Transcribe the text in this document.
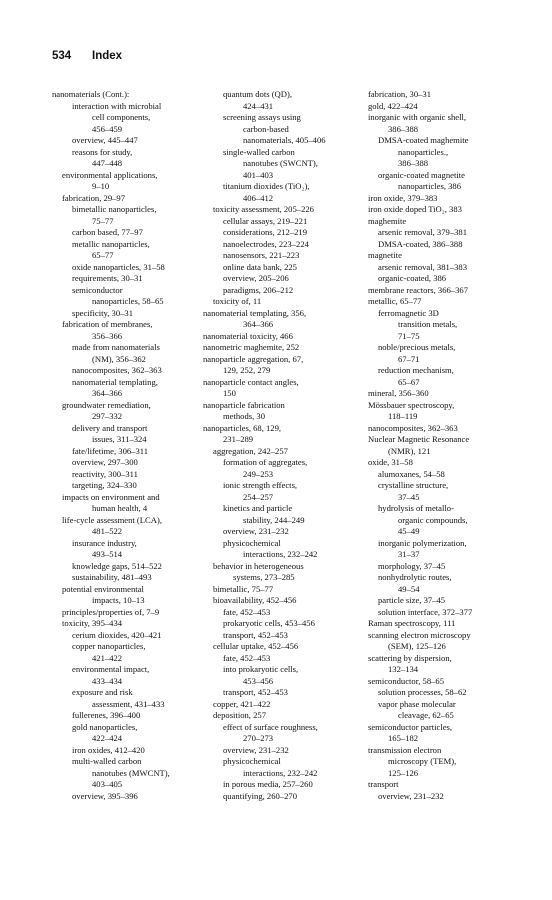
534 Index
nanomaterials (Cont.):
interaction with microbial
cell components,
456–459
overview, 445–447
reasons for study,
447–448
environmental applications,
9–10
fabrication, 29–97
bimetallic nanoparticles,
75–77
carbon based, 77–97
metallic nanoparticles,
65–77
oxide nanoparticles, 31–58
requirements, 30–31
semiconductor
nanoparticles, 58–65
specificity, 30–31
fabrication of membranes,
356–366
made from nanomaterials
(NM), 356–362
nanocomposites, 362–363
nanomaterial templating,
364–366
groundwater remediation,
297–332
delivery and transport
issues, 311–324
fate/lifetime, 306–311
overview, 297–300
reactivity, 300–311
targeting, 324–330
impacts on environment and
human health, 4
life-cycle assessment (LCA),
481–522
insurance industry,
493–514
knowledge gaps, 514–522
sustainability, 481–493
potential environmental
impacts, 10–13
principles/properties of, 7–9
toxicity, 395–434
cerium dioxides, 420–421
copper nanoparticles,
421–422
environmental impact,
433–434
exposure and risk
assessment, 431–433
fullerenes, 396–400
gold nanoparticles,
422–424
iron oxides, 412–420
multi-walled carbon
nanotubes (MWCNT),
403–405
overview, 395–396
quantum dots (QD),
424–431
screening assays using
carbon-based
nanomaterials, 405–406
single-walled carbon
nanotubes (SWCNT),
401–403
titanium dioxides (TiO₂),
406–412
toxicity assessment, 205–226
cellular assays, 219–221
considerations, 212–219
nanoelectrodes, 223–224
nanosensors, 221–223
online data bank, 225
overview, 205–206
paradigms, 206–212
toxicity of, 11
nanomaterial templating, 356,
364–366
nanomaterial toxicity, 466
nanometric maghemite, 252
nanoparticle aggregation, 67,
129, 252, 279
nanoparticle contact angles,
150
nanoparticle fabrication
methods, 30
nanoparticles, 68, 129,
231–289
aggregation, 242–257
formation of aggregates,
249–253
ionic strength effects,
254–257
kinetics and particle
stability, 244–249
overview, 231–232
physicochemical
interactions, 232–242
behavior in heterogeneous
systems, 273–285
bimetallic, 75–77
bioavailability, 452–456
fate, 452–453
prokaryotic cells, 453–456
transport, 452–453
cellular uptake, 452–456
fate, 452–453
into prokaryotic cells,
453–456
transport, 452–453
copper, 421–422
deposition, 257
effect of surface roughness,
270–273
overview, 231–232
physicochemical
interactions, 232–242
in porous media, 257–260
quantifying, 260–270
fabrication, 30–31
gold, 422–424
inorganic with organic shell,
386–388
DMSA-coated maghemite
nanoparticles.,
386–388
organic-coated magnetite
nanoparticles, 386
iron oxide, 379–383
iron oxide doped TiO₂, 383
maghemite
arsenic removal, 379–381
DMSA-coated, 386–388
magnetite
arsenic removal, 381–383
organic-coated, 386
membrane reactors, 366–367
metallic, 65–77
ferromagnetic 3D
transition metals,
71–75
noble/precious metals,
67–71
reduction mechanism,
65–67
mineral, 356–360
Mössbauer spectroscopy,
118–119
nanocomposites, 362–363
Nuclear Magnetic Resonance
(NMR), 121
oxide, 31–58
alumoxanes, 54–58
crystalline structure,
37–45
hydrolysis of metallo-
organic compounds,
45–49
inorganic polymerization,
31–37
morphology, 37–45
nonhydrolytic routes,
49–54
particle size, 37–45
solution interface, 372–377
Raman spectroscopy, 111
scanning electron microscopy
(SEM), 125–126
scattering by dispersion,
132–134
semiconductor, 58–65
solution processes, 58–62
vapor phase molecular
cleavage, 62–65
semiconductor particles,
165–182
transmission electron
microscopy (TEM),
125–126
transport
overview, 231–232
